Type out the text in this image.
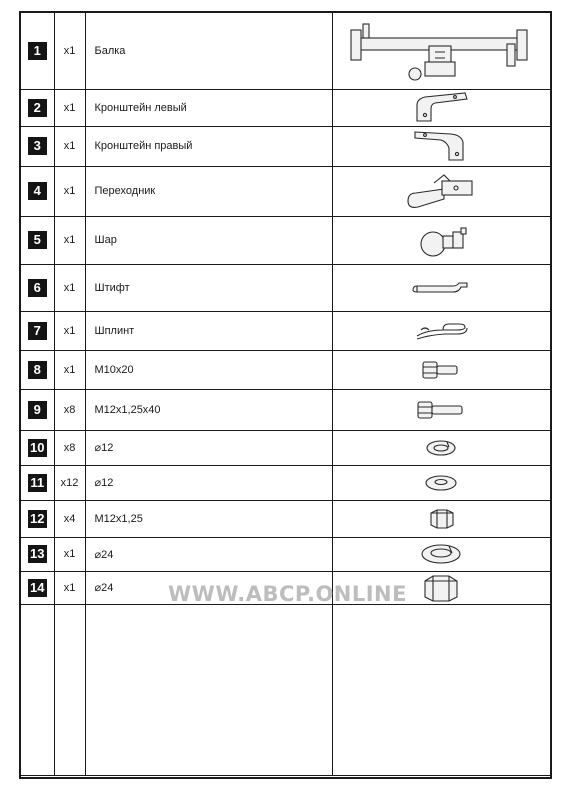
1	x1	Балка	
2	x1	Кронштейн левый	
3	x1	Кронштейн правый	
4	x1	Переходник	
5	x1	Шар	
6	x1	Штифт	
7	x1	Шплинт	
8	x1	M10x20	
9	x8	M12x1,25x40	
10	x8	⌀12	
11	x12	⌀12	
12	x4	M12x1,25	
13	x1	⌀24	
14	x1	⌀24	
				WWW.ABCP.ONLINE
